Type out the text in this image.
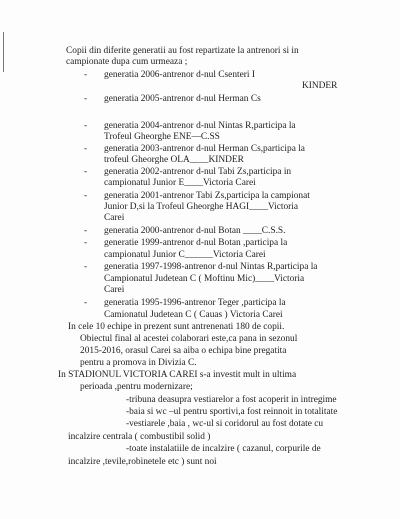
Copii din diferite generatii au fost repartizate la antrenori si in
campionate dupa cum urmeaza ;
- generatia 2006-antrenor d-nul Csenteri I
KINDER
- generatia 2005-antrenor d-nul Herman Cs
- generatia 2004-antrenor d-nul Nintas R,participa la
Trofeul Gheorghe ENE—C.SS
- generatia 2003-antrenor d-nul Herman Cs,participa la
trofeul Gheorghe OLA____KINDER
- generatia 2002-antrenor d-nul Tabi Zs,participa in
campionatul Junior E____Victoria Carei
- generatia 2001-antrenor Tabi Zs,participa la campionat
Junior D,si la Trofeul Gheorghe HAGI____Victoria
Carei
- generatia 2000-antrenor d-nul Botan ____C.S.S.
- generatie 1999-antrenor d-nul Botan ,participa la
campionatul Junior C______Victoria Carei
- generatia 1997-1998-antrenor d-nul Nintas R,participa la
Campionatul Judetean C ( Moftinu Mic)____Victoria
Carei
- generatia 1995-1996-antrenor Teger ,participa la
Camionatul Judetean C ( Cauas ) Victoria Carei
In cele 10 echipe in prezent sunt antrenenati 180 de copii.
Obiectul final al acestei colaborari este,ca pana in sezonul
2015-2016, orasul Carei sa aiba o echipa bine pregatita
pentru a promova in Divizia C.
In STADIONUL VICTORIA CAREI s-a investit mult in ultima
perioada ,pentru modernizare;
-tribuna deasupra vestiarelor a fost acoperit in intregime
-baia si wc –ul pentru sportivi,a fost reinnoit in totalitate
-vestiarele ,baia , wc-ul si coridorul au fost dotate cu
incalzire centrala ( combustibil solid )
-toate instalatiile de incalzire ( cazanul, corpurile de
incalzire ,tevile,robinetele etc ) sunt noi
